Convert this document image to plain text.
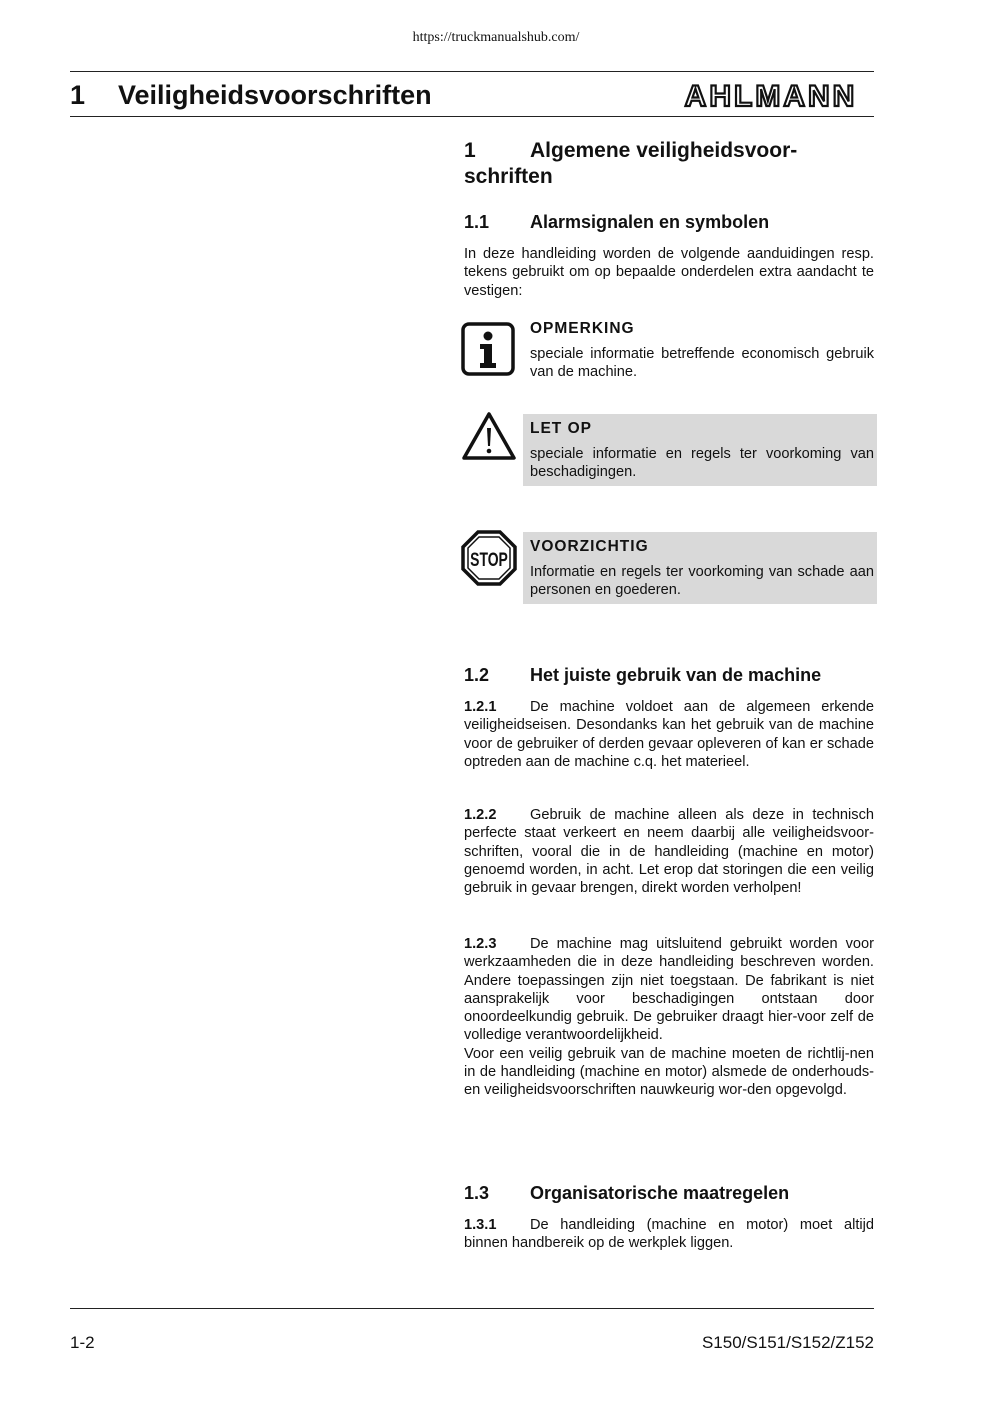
https://truckmanualshub.com/
1 Veiligheidsvoorschriften	AHLMANN
1	Algemene veiligheidsvoor-
schriften
1.1 Alarmsignalen en symbolen
In deze handleiding worden de volgende aanduidingen resp. tekens gebruikt om op bepaalde onderdelen extra aandacht te vestigen:
OPMERKING
speciale informatie betreffende economisch gebruik van de machine.
LET OP
speciale informatie en regels ter voorkoming van beschadigingen.
STOP
VOORZICHTIG
Informatie en regels ter voorkoming van schade aan personen en goederen.
1.2 Het juiste gebruik van de machine
1.2.1 De machine voldoet aan de algemeen erkende veiligheidseisen. Desondanks kan het gebruik van de machine voor de gebruiker of derden gevaar opleveren of kan er schade optreden aan de machine c.q. het materieel.
1.2.2 Gebruik de machine alleen als deze in technisch perfecte staat verkeert en neem daarbij alle veiligheidsvoor-schriften, vooral die in de handleiding (machine en motor) genoemd worden, in acht. Let erop dat storingen die een veilig gebruik in gevaar brengen, direkt worden verholpen!
1.2.3 De machine mag uitsluitend gebruikt worden voor werkzaamheden die in deze handleiding beschreven worden. Andere toepassingen zijn niet toegstaan. De fabrikant is niet aansprakelijk voor beschadigingen ontstaan door onoordeelkundig gebruik. De gebruiker draagt hier-voor zelf de volledige verantwoordelijkheid.
Voor een veilig gebruik van de machine moeten de richtlij-nen in de handleiding (machine en motor) alsmede de onderhouds- en veiligheidsvoorschriften nauwkeurig wor-den opgevolgd.
1.3 Organisatorische maatregelen
1.3.1 De handleiding (machine en motor) moet altijd binnen handbereik op de werkplek liggen.
1-2	S150/S151/S152/Z152
